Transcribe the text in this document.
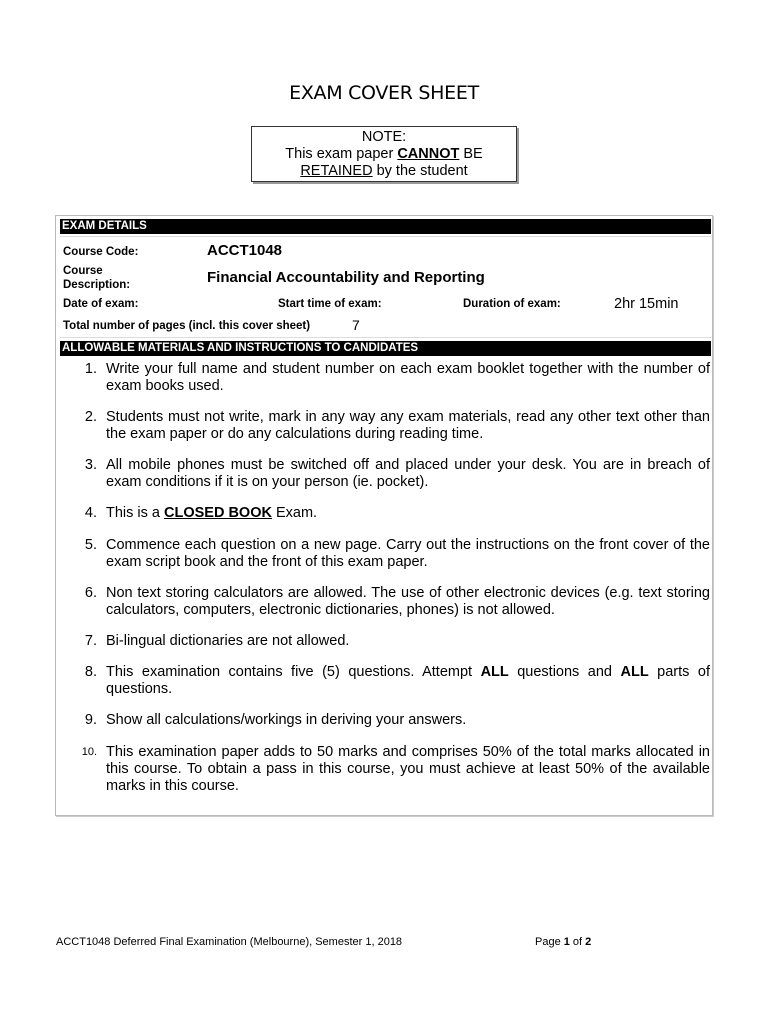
EXAM COVER SHEET
NOTE:
This exam paper CANNOT BE
RETAINED by the student
EXAM DETAILS
Course Code:	ACCT1048
Course
Description:	Financial Accountability and Reporting
Date of exam:	Start time of exam:	Duration of exam:	2hr 15min
Total number of pages (incl. this cover sheet)	7
ALLOWABLE MATERIALS AND INSTRUCTIONS TO CANDIDATES
1. Write your full name and student number on each exam booklet together with the number of exam books used.
2. Students must not write, mark in any way any exam materials, read any other text other than the exam paper or do any calculations during reading time.
3. All mobile phones must be switched off and placed under your desk. You are in breach of exam conditions if it is on your person (ie. pocket).
4. This is a CLOSED BOOK Exam.
5. Commence each question on a new page. Carry out the instructions on the front cover of the exam script book and the front of this exam paper.
6. Non text storing calculators are allowed. The use of other electronic devices (e.g. text storing calculators, computers, electronic dictionaries, phones) is not allowed.
7. Bi-lingual dictionaries are not allowed.
8. This examination contains five (5) questions. Attempt ALL questions and ALL parts of questions.
9. Show all calculations/workings in deriving your answers.
10. This examination paper adds to 50 marks and comprises 50% of the total marks allocated in this course. To obtain a pass in this course, you must achieve at least 50% of the available marks in this course.
ACCT1048 Deferred Final Examination (Melbourne), Semester 1, 2018	Page 1 of 2
